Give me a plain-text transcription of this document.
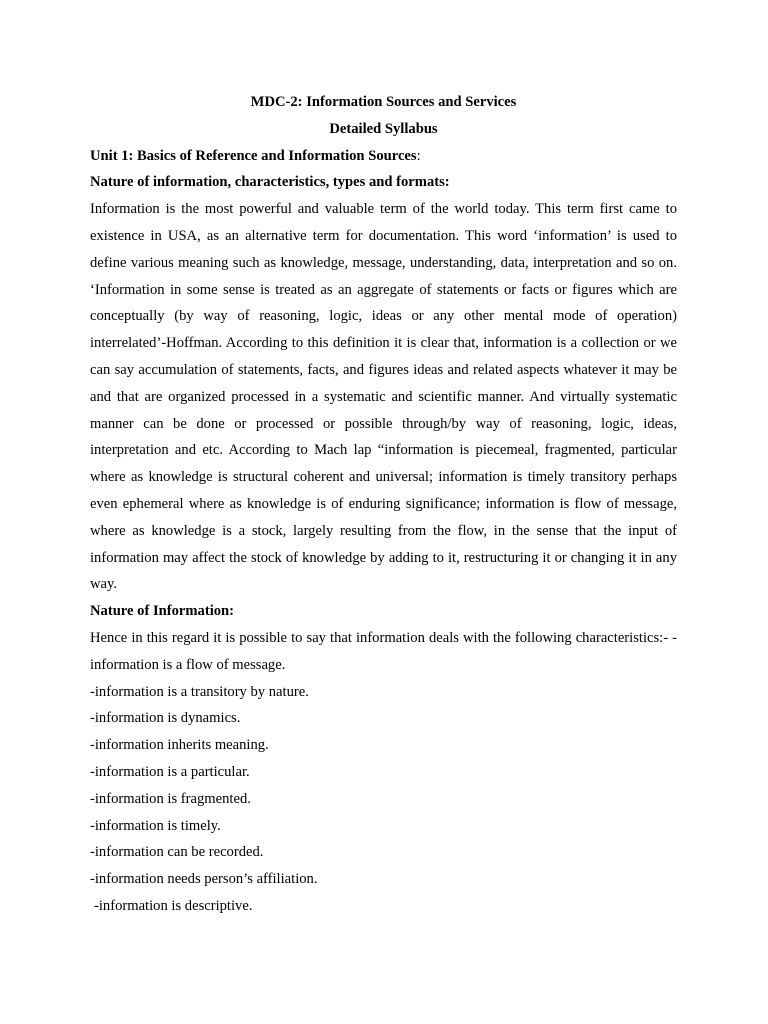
MDC-2: Information Sources and Services
Detailed Syllabus
Unit 1: Basics of Reference and Information Sources:
Nature of information, characteristics, types and formats:

Information is the most powerful and valuable term of the world today. This term first came to existence in USA, as an alternative term for documentation. This word ‘information’ is used to define various meaning such as knowledge, message, understanding, data, interpretation and so on. ‘Information in some sense is treated as an aggregate of statements or facts or figures which are conceptually (by way of reasoning, logic, ideas or any other mental mode of operation) interrelated’-Hoffman. According to this definition it is clear that, information is a collection or we can say accumulation of statements, facts, and figures ideas and related aspects whatever it may be and that are organized processed in a systematic and scientific manner. And virtually systematic manner can be done or processed or possible through/by way of reasoning, logic, ideas, interpretation and etc. According to Mach lap “information is piecemeal, fragmented, particular where as knowledge is structural coherent and universal; information is timely transitory perhaps even ephemeral where as knowledge is of enduring significance; information is flow of message, where as knowledge is a stock, largely resulting from the flow, in the sense that the input of information may affect the stock of knowledge by adding to it, restructuring it or changing it in any way.

Nature of Information:

Hence in this regard it is possible to say that information deals with the following characteristics:- -information is a flow of message.

-information is a transitory by nature.
-information is dynamics.
-information inherits meaning.
-information is a particular.
-information is fragmented.
-information is timely.
-information can be recorded.
-information needs person’s affiliation.
-information is descriptive.
